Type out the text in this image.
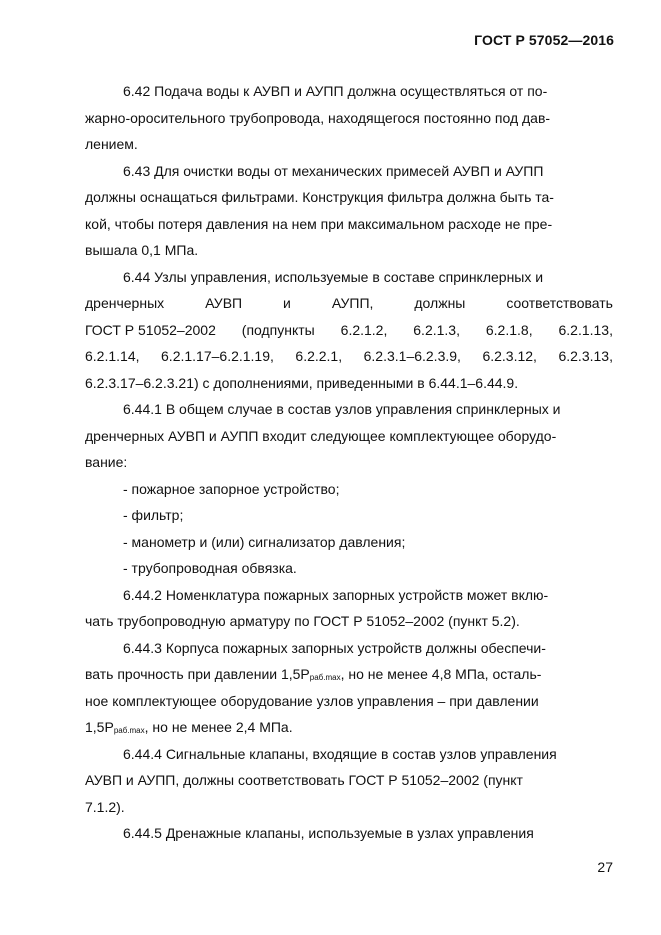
ГОСТ Р 57052—2016
6.42 Подача воды к АУВП и АУПП должна осуществляться от по-
жарно-оросительного трубопровода, находящегося постоянно под дав-
лением.
6.43 Для очистки воды от механических примесей АУВП и АУПП
должны оснащаться фильтрами. Конструкция фильтра должна быть та-
кой, чтобы потеря давления на нем при максимальном расходе не пре-
вышала 0,1 МПа.
6.44 Узлы управления, используемые в составе спринклерных и
дренчерных	АУВП	и	АУПП,	должны	соответствовать
ГОСТ Р 51052–2002 (подпункты 6.2.1.2, 6.2.1.3, 6.2.1.8, 6.2.1.13,
6.2.1.14, 6.2.1.17–6.2.1.19, 6.2.2.1, 6.2.3.1–6.2.3.9, 6.2.3.12, 6.2.3.13,
6.2.3.17–6.2.3.21) с дополнениями, приведенными в 6.44.1–6.44.9.
6.44.1 В общем случае в состав узлов управления спринклерных и
дренчерных АУВП и АУПП входит следующее комплектующее оборудо-
вание:
- пожарное запорное устройство;
- фильтр;
- манометр и (или) сигнализатор давления;
- трубопроводная обвязка.
6.44.2 Номенклатура пожарных запорных устройств может вклю-
чать трубопроводную арматуру по ГОСТ Р 51052–2002 (пункт 5.2).
6.44.3 Корпуса пожарных запорных устройств должны обеспечи-
вать прочность при давлении $1,5P_{раб.max}$, но не менее 4,8 МПа, осталь-
ное комплектующее оборудование узлов управления – при давлении
$1,5P_{раб.max}$, но не менее 2,4 МПа.
6.44.4 Сигнальные клапаны, входящие в состав узлов управления
АУВП и АУПП, должны соответствовать ГОСТ Р 51052–2002 (пункт
7.1.2).
6.44.5 Дренажные клапаны, используемые в узлах управления
27
